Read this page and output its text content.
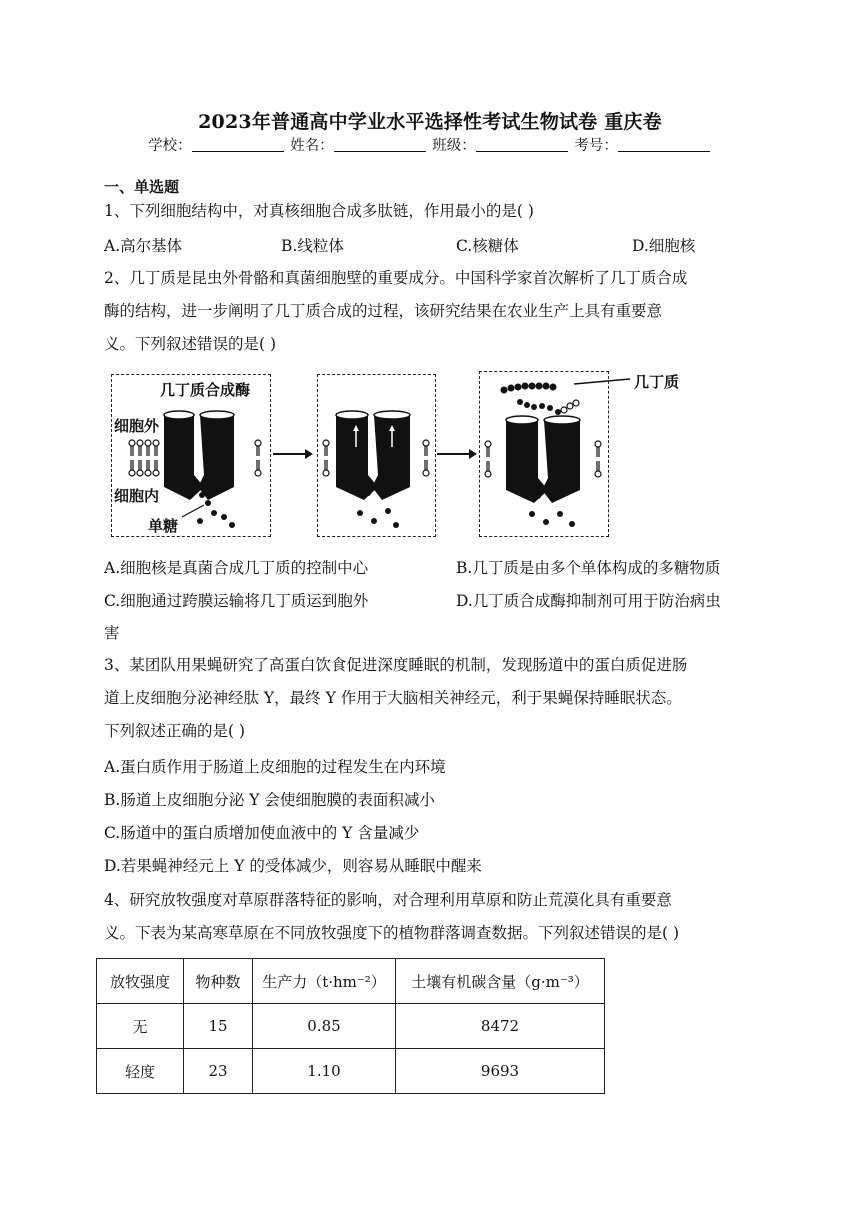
2023年普通高中学业水平选择性考试生物试卷 重庆卷
学校：	姓名：	班级：	考号：
一、单选题
1、下列细胞结构中，对真核细胞合成多肽链，作用最小的是( )
A.高尔基体	B.线粒体	C.核糖体	D.细胞核
2、几丁质是昆虫外骨骼和真菌细胞壁的重要成分。中国科学家首次解析了几丁质合成
酶的结构，进一步阐明了几丁质合成的过程，该研究结果在农业生产上具有重要意
义。下列叙述错误的是( )
几丁质合成酶
细胞外
细胞内
单糖
几丁质
A.细胞核是真菌合成几丁质的控制中心	B.几丁质是由多个单体构成的多糖物质
C.细胞通过跨膜运输将几丁质运到胞外	D.几丁质合成酶抑制剂可用于防治病虫
害
3、某团队用果蝇研究了高蛋白饮食促进深度睡眠的机制，发现肠道中的蛋白质促进肠
道上皮细胞分泌神经肽 Y，最终 Y 作用于大脑相关神经元，利于果蝇保持睡眠状态。
下列叙述正确的是( )
A.蛋白质作用于肠道上皮细胞的过程发生在内环境
B.肠道上皮细胞分泌 Y 会使细胞膜的表面积减小
C.肠道中的蛋白质增加使血液中的 Y 含量减少
D.若果蝇神经元上 Y 的受体减少，则容易从睡眠中醒来
4、研究放牧强度对草原群落特征的影响，对合理利用草原和防止荒漠化具有重要意
义。下表为某高寒草原在不同放牧强度下的植物群落调查数据。下列叙述错误的是( )
放牧强度	物种数	生产力（t·hm⁻²）	土壤有机碳含量（g·m⁻³）
无	15	0.85	8472
轻度	23	1.10	9693
